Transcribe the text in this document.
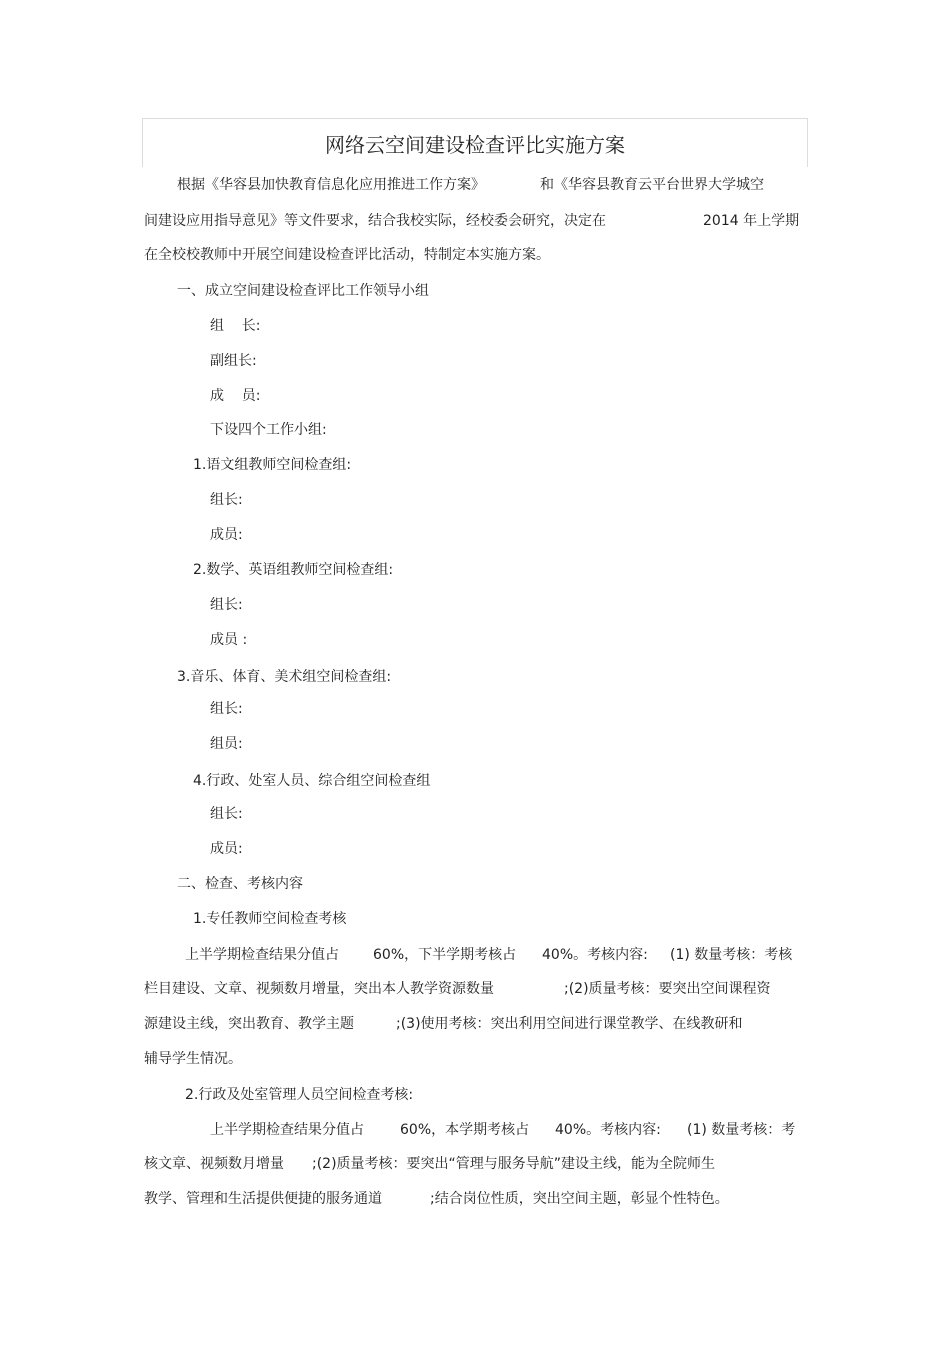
网络云空间建设检查评比实施方案
根据《华容县加快教育信息化应用推进工作方案》	和《华容县教育云平台世界大学城空
间建设应用指导意见》等文件要求，结合我校实际，经校委会研究，决定在	2014 年上学期
在全校校教师中开展空间建设检查评比活动，特制定本实施方案。
一、成立空间建设检查评比工作领导小组
组    长:
副组长:
成    员:
下设四个工作小组:
1.语文组教师空间检查组:
组长:
成员:
2.数学、英语组教师空间检查组:
组长:
成员 :
3.音乐、体育、美术组空间检查组:
组长:
组员:
4.行政、处室人员、综合组空间检查组
组长:
成员:
二、检查、考核内容
1.专任教师空间检查考核
上半学期检查结果分值占 60%，下半学期考核占 40%。考核内容: (1) 数量考核：考核
栏目建设、文章、视频数月增量，突出本人教学资源数量	;(2)质量考核：要突出空间课程资
源建设主线，突出教育、教学主题	;(3)使用考核：突出利用空间进行课堂教学、在线教研和
辅导学生情况。
2.行政及处室管理人员空间检查考核:
上半学期检查结果分值占	60%，本学期考核占 40%。考核内容: (1) 数量考核：考
核文章、视频数月增量 ;(2)质量考核：要突出“管理与服务导航”建设主线，能为全院师生
教学、管理和生活提供便捷的服务通道	;结合岗位性质，突出空间主题，彰显个性特色。
